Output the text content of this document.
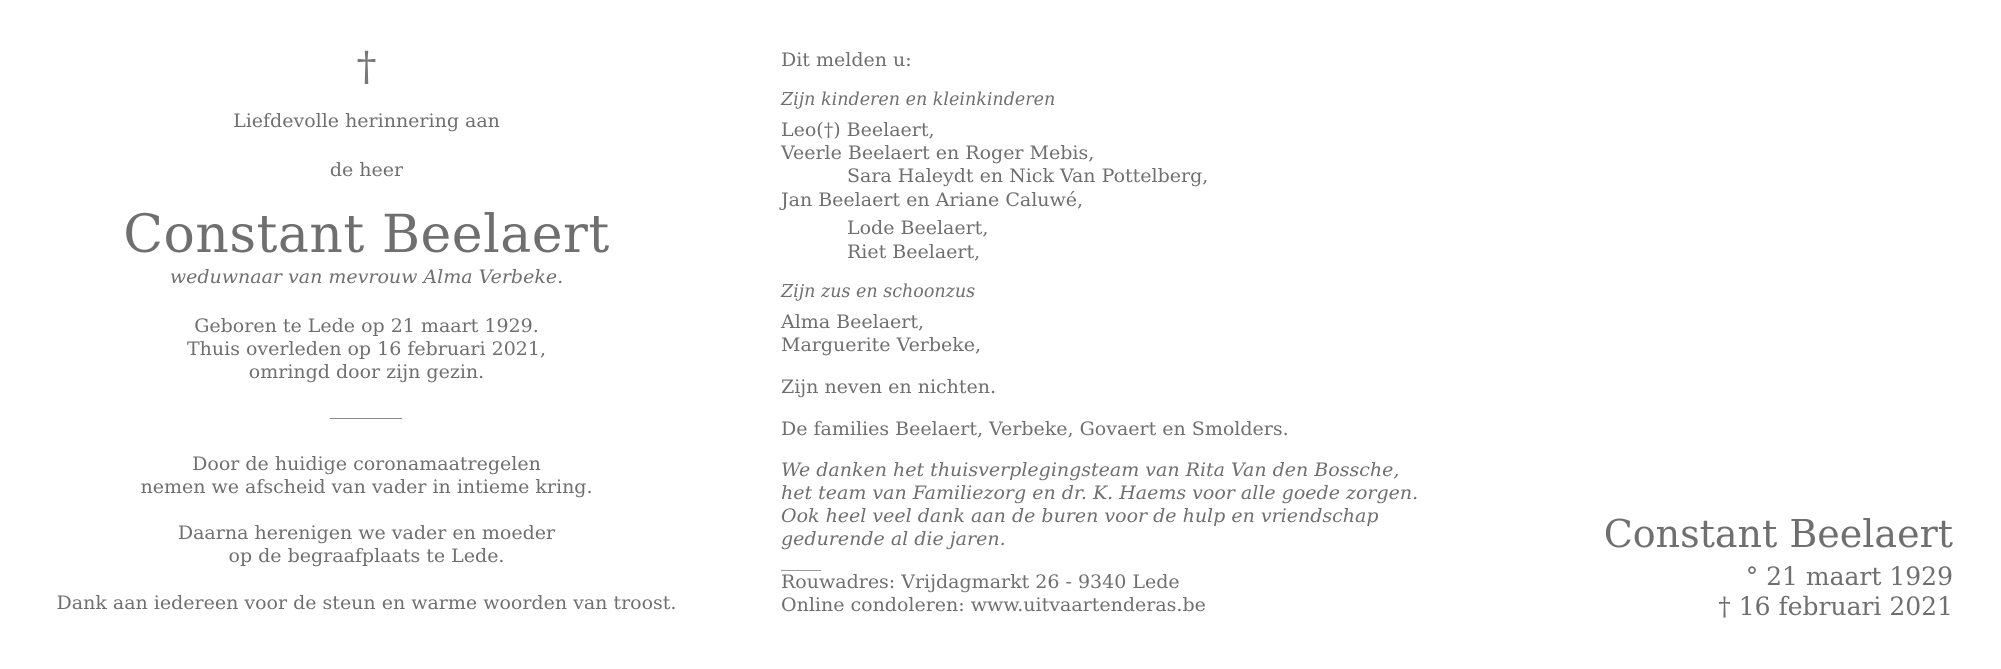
†
Liefdevolle herinnering aan
de heer
Constant Beelaert
weduwnaar van mevrouw Alma Verbeke.
Geboren te Lede op 21 maart 1929.
Thuis overleden op 16 februari 2021,
omringd door zijn gezin.
Door de huidige coronamaatregelen
nemen we afscheid van vader in intieme kring.
Daarna herenigen we vader en moeder
op de begraafplaats te Lede.
Dank aan iedereen voor de steun en warme woorden van troost.
Dit melden u:
Zijn kinderen en kleinkinderen
Leo(†) Beelaert,
Veerle Beelaert en Roger Mebis,
Sara Haleydt en Nick Van Pottelberg,
Jan Beelaert en Ariane Caluwé,
Lode Beelaert,
Riet Beelaert,
Zijn zus en schoonzus
Alma Beelaert,
Marguerite Verbeke,
Zijn neven en nichten.
De families Beelaert, Verbeke, Govaert en Smolders.
We danken het thuisverplegingsteam van Rita Van den Bossche,
het team van Familiezorg en dr. K. Haems voor alle goede zorgen.
Ook heel veel dank aan de buren voor de hulp en vriendschap
gedurende al die jaren.
Rouwadres: Vrijdagmarkt 26 - 9340 Lede
Online condoleren: www.uitvaartenderas.be
Constant Beelaert
° 21 maart 1929
† 16 februari 2021
